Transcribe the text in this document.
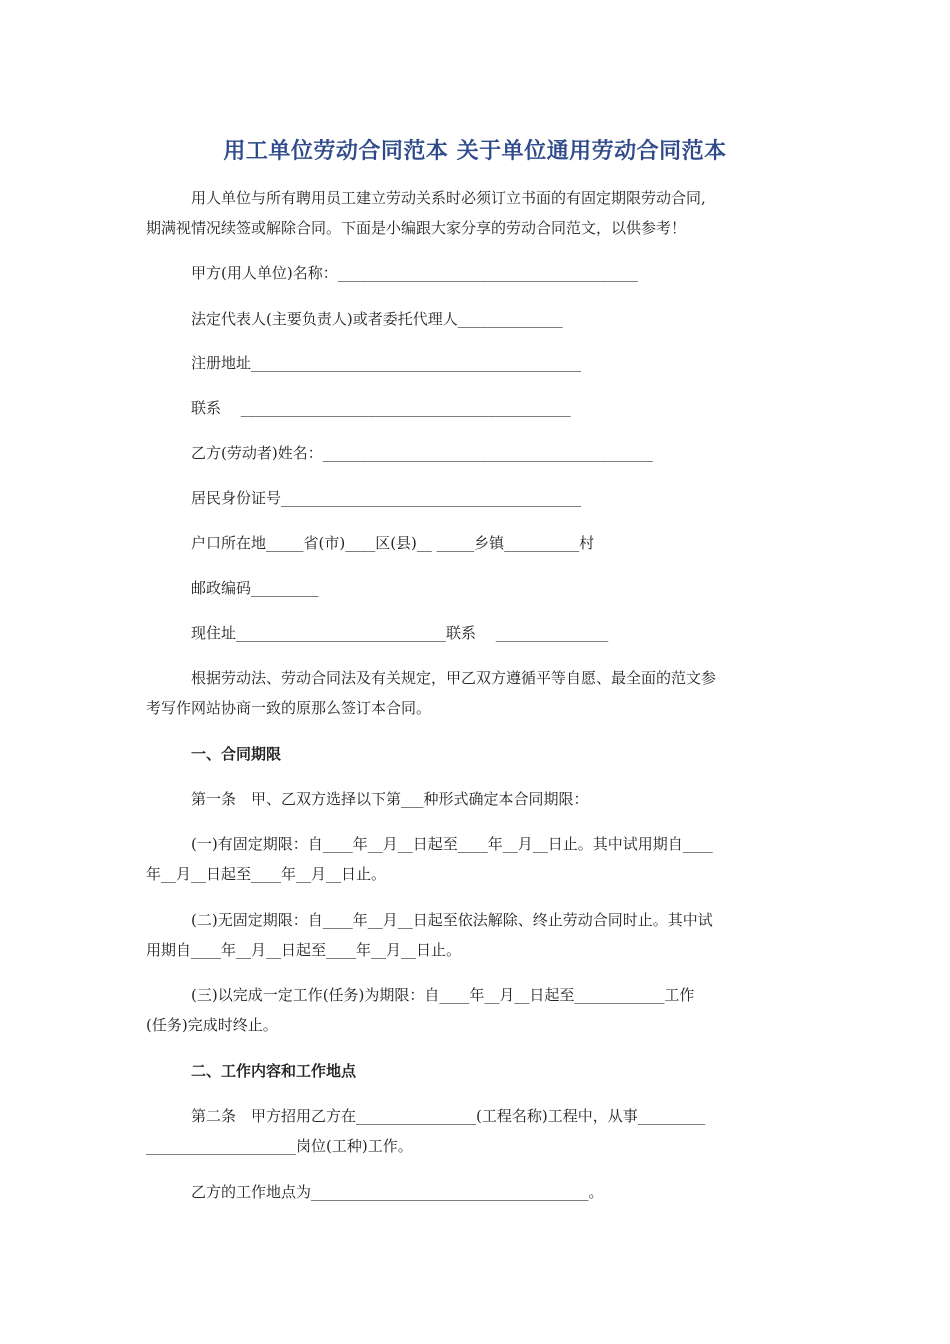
用工单位劳动合同范本 关于单位通用劳动合同范本
　　　用人单位与所有聘用员工建立劳动关系时必须订立书面的有固定期限劳动合同,
期满视情况续签或解除合同。下面是小编跟大家分享的劳动合同范文，以供参考！
　　　甲方(用人单位)名称：________________________________________
　　　法定代表人(主要负责人)或者委托代理人______________
　　　注册地址____________________________________________
　　　联系　 ____________________________________________
　　　乙方(劳动者)姓名：____________________________________________
　　　居民身份证号________________________________________
　　　户口所在地_____省(市)____区(县)__ _____乡镇__________村
　　　邮政编码_________
　　　现住址____________________________联系　 _______________
　　　根据劳动法、劳动合同法及有关规定，甲乙双方遵循平等自愿、最全面的范文参
考写作网站协商一致的原那么签订本合同。
　　　一、合同期限
　　　第一条　甲、乙双方选择以下第___种形式确定本合同期限：
　　　(一)有固定期限：自____年__月__日起至____年__月__日止。其中试用期自____
年__月__日起至____年__月__日止。
　　　(二)无固定期限：自____年__月__日起至依法解除、终止劳动合同时止。其中试
用期自____年__月__日起至____年__月__日止。
　　　(三)以完成一定工作(任务)为期限：自____年__月__日起至____________工作
(任务)完成时终止。
　　　二、工作内容和工作地点
　　　第二条　甲方招用乙方在________________(工程名称)工程中，从事_________
____________________岗位(工种)工作。
　　　乙方的工作地点为_____________________________________。
